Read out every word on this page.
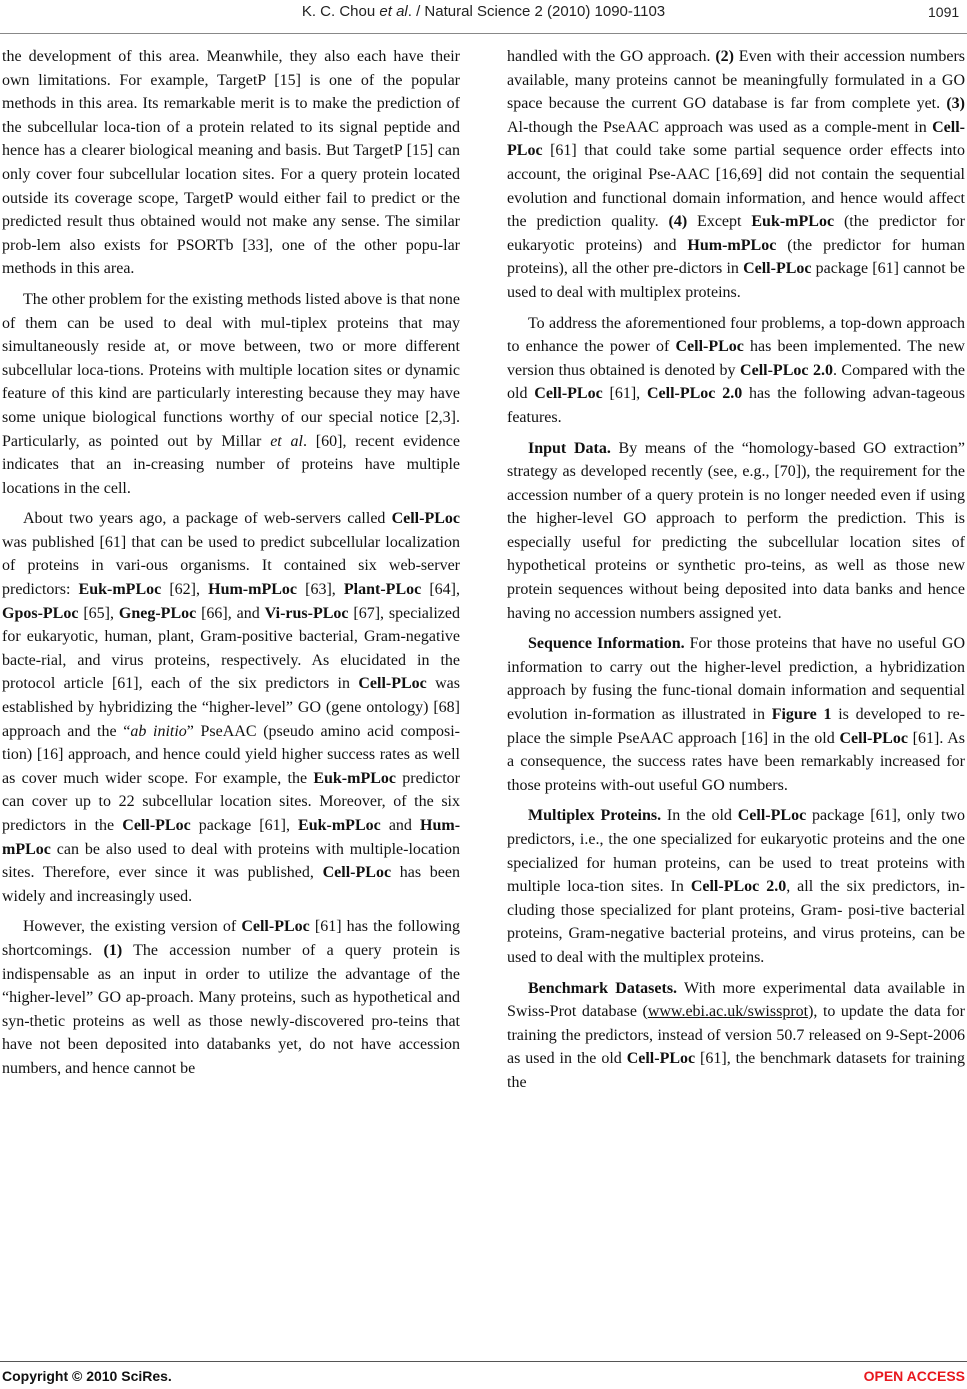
K. C. Chou et al. / Natural Science 2 (2010) 1090-1103	1091

the development of this area. Meanwhile, they also each have their own limitations. For example, TargetP [15] is one of the popular methods in this area. Its remarkable merit is to make the prediction of the subcellular loca-tion of a protein related to its signal peptide and hence has a clearer biological meaning and basis. But TargetP [15] can only cover four subcellular location sites. For a query protein located outside its coverage scope, TargetP would either fail to predict or the predicted result thus obtained would not make any sense. The similar prob-lem also exists for PSORTb [33], one of the other popu-lar methods in this area.

The other problem for the existing methods listed above is that none of them can be used to deal with mul-tiplex proteins that may simultaneously reside at, or move between, two or more different subcellular loca-tions. Proteins with multiple location sites or dynamic feature of this kind are particularly interesting because they may have some unique biological functions worthy of our special notice [2,3]. Particularly, as pointed out by Millar et al. [60], recent evidence indicates that an in-creasing number of proteins have multiple locations in the cell.

About two years ago, a package of web-servers called Cell-PLoc was published [61] that can be used to predict subcellular localization of proteins in vari-ous organisms. It contained six web-server predictors: Euk-mPLoc [62], Hum-mPLoc [63], Plant-PLoc [64], Gpos-PLoc [65], Gneg-PLoc [66], and Vi-rus-PLoc [67], specialized for eukaryotic, human, plant, Gram-positive bacterial, Gram-negative bacte-rial, and virus proteins, respectively. As elucidated in the protocol article [61], each of the six predictors in Cell-PLoc was established by hybridizing the “higher-level” GO (gene ontology) [68] approach and the “ab initio” PseAAC (pseudo amino acid composi-tion) [16] approach, and hence could yield higher success rates as well as cover much wider scope. For example, the Euk-mPLoc predictor can cover up to 22 subcellular location sites. Moreover, of the six predictors in the Cell-PLoc package [61], Euk-mPLoc and Hum- mPLoc can be also used to deal with proteins with multiple-location sites. Therefore, ever since it was published, Cell-PLoc has been widely and increasingly used.

However, the existing version of Cell-PLoc [61] has the following shortcomings. (1) The accession number of a query protein is indispensable as an input in order to utilize the advantage of the “higher-level” GO ap-proach. Many proteins, such as hypothetical and syn-thetic proteins as well as those newly-discovered pro-teins that have not been deposited into databanks yet, do not have accession numbers, and hence cannot be

handled with the GO approach. (2) Even with their accession numbers available, many proteins cannot be meaningfully formulated in a GO space because the current GO database is far from complete yet. (3) Al-though the PseAAC approach was used as a comple-ment in Cell-PLoc [61] that could take some partial sequence order effects into account, the original Pse-AAC [16,69] did not contain the sequential evolution and functional domain information, and hence would affect the prediction quality. (4) Except Euk-mPLoc (the predictor for eukaryotic proteins) and Hum-mPLoc (the predictor for human proteins), all the other pre-dictors in Cell-PLoc package [61] cannot be used to deal with multiplex proteins.

To address the aforementioned four problems, a top-down approach to enhance the power of Cell-PLoc has been implemented. The new version thus obtained is denoted by Cell-PLoc 2.0. Compared with the old Cell-PLoc [61], Cell-PLoc 2.0 has the following advan-tageous features.

Input Data. By means of the “homology-based GO extraction” strategy as developed recently (see, e.g., [70]), the requirement for the accession number of a query protein is no longer needed even if using the higher-level GO approach to perform the prediction. This is especially useful for predicting the subcellular location sites of hypothetical proteins or synthetic pro-teins, as well as those new protein sequences without being deposited into data banks and hence having no accession numbers assigned yet.

Sequence Information. For those proteins that have no useful GO information to carry out the higher-level prediction, a hybridization approach by fusing the func-tional domain information and sequential evolution in-formation as illustrated in Figure 1 is developed to re-place the simple PseAAC approach [16] in the old Cell-PLoc [61]. As a consequence, the success rates have been remarkably increased for those proteins with-out useful GO numbers.

Multiplex Proteins. In the old Cell-PLoc package [61], only two predictors, i.e., the one specialized for eukaryotic proteins and the one specialized for human proteins, can be used to treat proteins with multiple loca-tion sites. In Cell-PLoc 2.0, all the six predictors, in-cluding those specialized for plant proteins, Gram- posi-tive bacterial proteins, Gram-negative bacterial proteins, and virus proteins, can be used to deal with the multiplex proteins.

Benchmark Datasets. With more experimental data available in Swiss-Prot database (www.ebi.ac.uk/swissprot), to update the data for training the predictors, instead of version 50.7 released on 9-Sept-2006 as used in the old Cell-PLoc [61], the benchmark datasets for training the

Copyright © 2010 SciRes.	OPEN ACCESS
